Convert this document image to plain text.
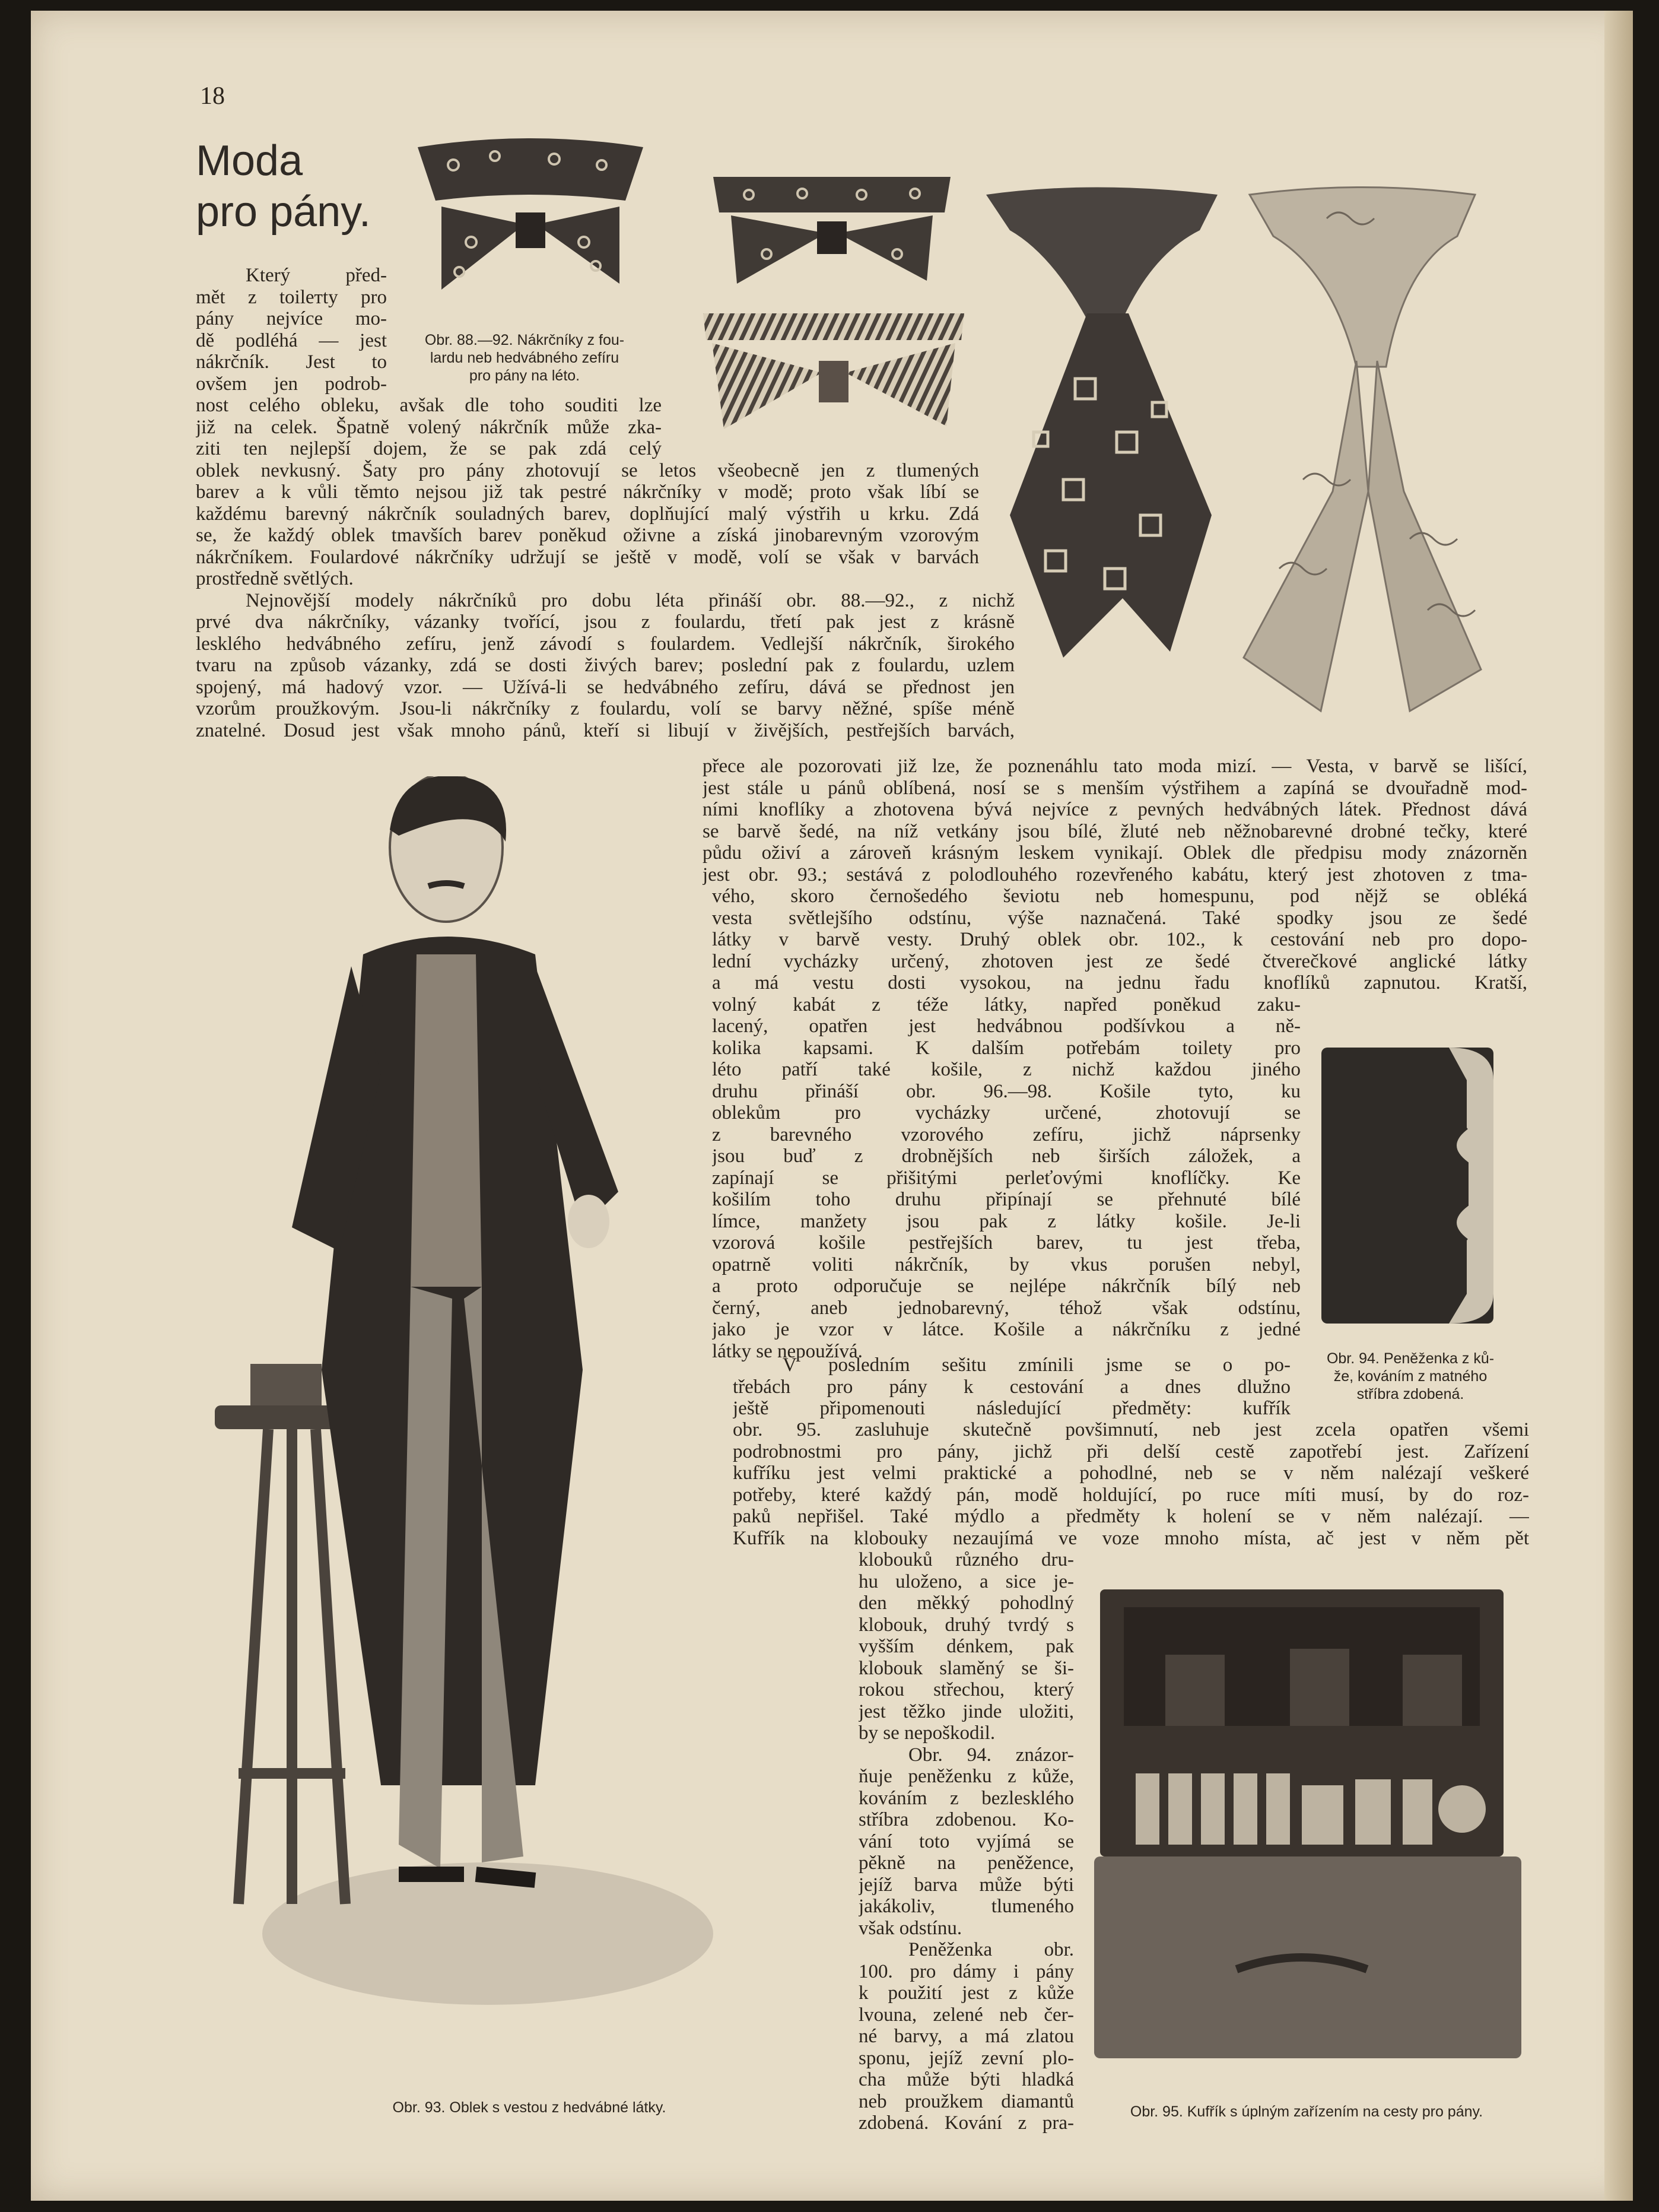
18
Moda
pro pány.
Který před-
mět z toilетty pro
pány nejvíce mo-
dě podléhá — jest
nákrčník. Jest to
ovšem jen podrob-
Obr. 88.—92. Nákrčníky z fou-
lardu neb hedvábného zefíru
pro pány na léto.
nost celého obleku, avšak dle toho souditi lze
již na celek. Špatně volený nákrčník může zka-
ziti ten nejlepší dojem, že se pak zdá celý
oblek nevkusný. Šaty pro pány zhotovují se letos všeobecně jen z tlumených
barev a k vůli těmto nejsou již tak pestré nákrčníky v modě; proto však líbí se
každému barevný nákrčník souladných barev, doplňující malý výstřih u krku. Zdá
se, že každý oblek tmavších barev poněkud oživne a získá jinobarevným vzorovým
nákrčníkem. Foulardové nákrčníky udržují se ještě v modě, volí se však v barvách
prostředně světlých.
Nejnovější modely nákrčníků pro dobu léta přináší obr. 88.—92., z nichž
prvé dva nákrčníky, vázanky tvořící, jsou z foulardu, třetí pak jest z krásně
lesklého hedvábného zefíru, jenž závodí s foulardem. Vedlejší nákrčník, širokého
tvaru na způsob vázanky, zdá se dosti živých barev; poslední pak z foulardu, uzlem
spojený, má hadový vzor. — Užívá-li se hedvábného zefíru, dává se přednost jen
vzorům proužkovým. Jsou-li nákrčníky z foulardu, volí se barvy něžné, spíše méně
znatelné. Dosud jest však mnoho pánů, kteří si libují v živějších, pestřejších barvách,
přece ale pozorovati již lze, že poznenáhlu tato moda mizí. — Vesta, v barvě se lišící,
jest stále u pánů oblíbená, nosí se s menším výstřihem a zapíná se dvouřadně mod-
ními knoflíky a zhotovena bývá nejvíce z pevných hedvábných látek. Přednost dává
se barvě šedé, na níž vetkány jsou bílé, žluté neb něžnobarevné drobné tečky, které
půdu oživí a zároveň krásným leskem vynikají. Oblek dle předpisu mody znázorněn
jest obr. 93.; sestává z polodlouhého rozevřeného kabátu, který jest zhotoven z tma-
vého, skoro černošedého ševiotu neb homespunu, pod nějž se obléká
vesta světlejšího odstínu, výše naznačená. Také spodky jsou ze šedé
látky v barvě vesty. Druhý oblek obr. 102., k cestování neb pro dopo-
lední vycházky určený, zhotoven jest ze šedé čtverečkové anglické látky
a má vestu dosti vysokou, na jednu řadu knoflíků zapnutou. Kratší,
volný kabát z téže látky, napřed poněkud zaku-
lacený, opatřen jest hedvábnou podšívkou a ně-
kolika kapsami. K dalším potřebám toilety pro
léto patří také košile, z nichž každou jiného
druhu přináší obr. 96.—98. Košile tyto, ku
oblekům pro vycházky určené, zhotovují se
z barevného vzorového zefíru, jichž náprsenky
jsou buď z drobnějších neb širších záložek, a
zapínají se přišitými perleťovými knoflíčky. Ke
košilím toho druhu připínají se přehnuté bílé
límce, manžety jsou pak z látky košile. Je-li
vzorová košile pestřejších barev, tu jest třeba,
opatrně voliti nákrčník, by vkus porušen nebyl,
a proto odporučuje se nejlépe nákrčník bílý neb
černý, aneb jednobarevný, téhož však odstínu,
jako je vzor v látce. Košile a nákrčníku z jedné
látky se nepoužívá.
V posledním sešitu zmínili jsme se o po-
třebách pro pány k cestování a dnes dlužno
ještě připomenouti následující předměty: kufřík
obr. 95. zasluhuje skutečně povšimnutí, neb jest zcela opatřen všemi
podrobnostmi pro pány, jichž při delší cestě zapotřebí jest. Zařízení
kufříku jest velmi praktické a pohodlné, neb se v něm nalézají veškeré
potřeby, které každý pán, modě holdující, po ruce míti musí, by do roz-
paků nepřišel. Také mýdlo a předměty k holení se v něm nalézají. —
Kufřík na klobouky nezaujímá ve voze mnoho místa, ač jest v něm pět
klobouků různého dru-
hu uloženo, a sice je-
den měkký pohodlný
klobouk, druhý tvrdý s
vyšším dénkem, pak
klobouk slaměný se ši-
rokou střechou, který
jest těžko jinde uložiti,
by se nepoškodil.
Obr. 94. znázor-
ňuje peněženku z kůže,
kováním z bezleskléhо
stříbra zdobenou. Ko-
vání toto vyjímá se
pěkně na peněžence,
jejíž barva může býti
jakákoliv, tlumeného
však odstínu.
Peněženka obr.
100. pro dámy i pány
k použití jest z kůže
lvouna, zelené neb čer-
né barvy, a má zlatou
sponu, jejíž zevní plo-
cha může býti hladká
neb proužkem diamantů
zdobená. Kování z pra-
Obr. 93. Oblek s vestou z hedvábné látky.
Obr. 94. Peněženka z ků-
že, kováním z matného
stříbra zdobená.
Obr. 95. Kufřík s úplným zařízením na cesty pro pány.
